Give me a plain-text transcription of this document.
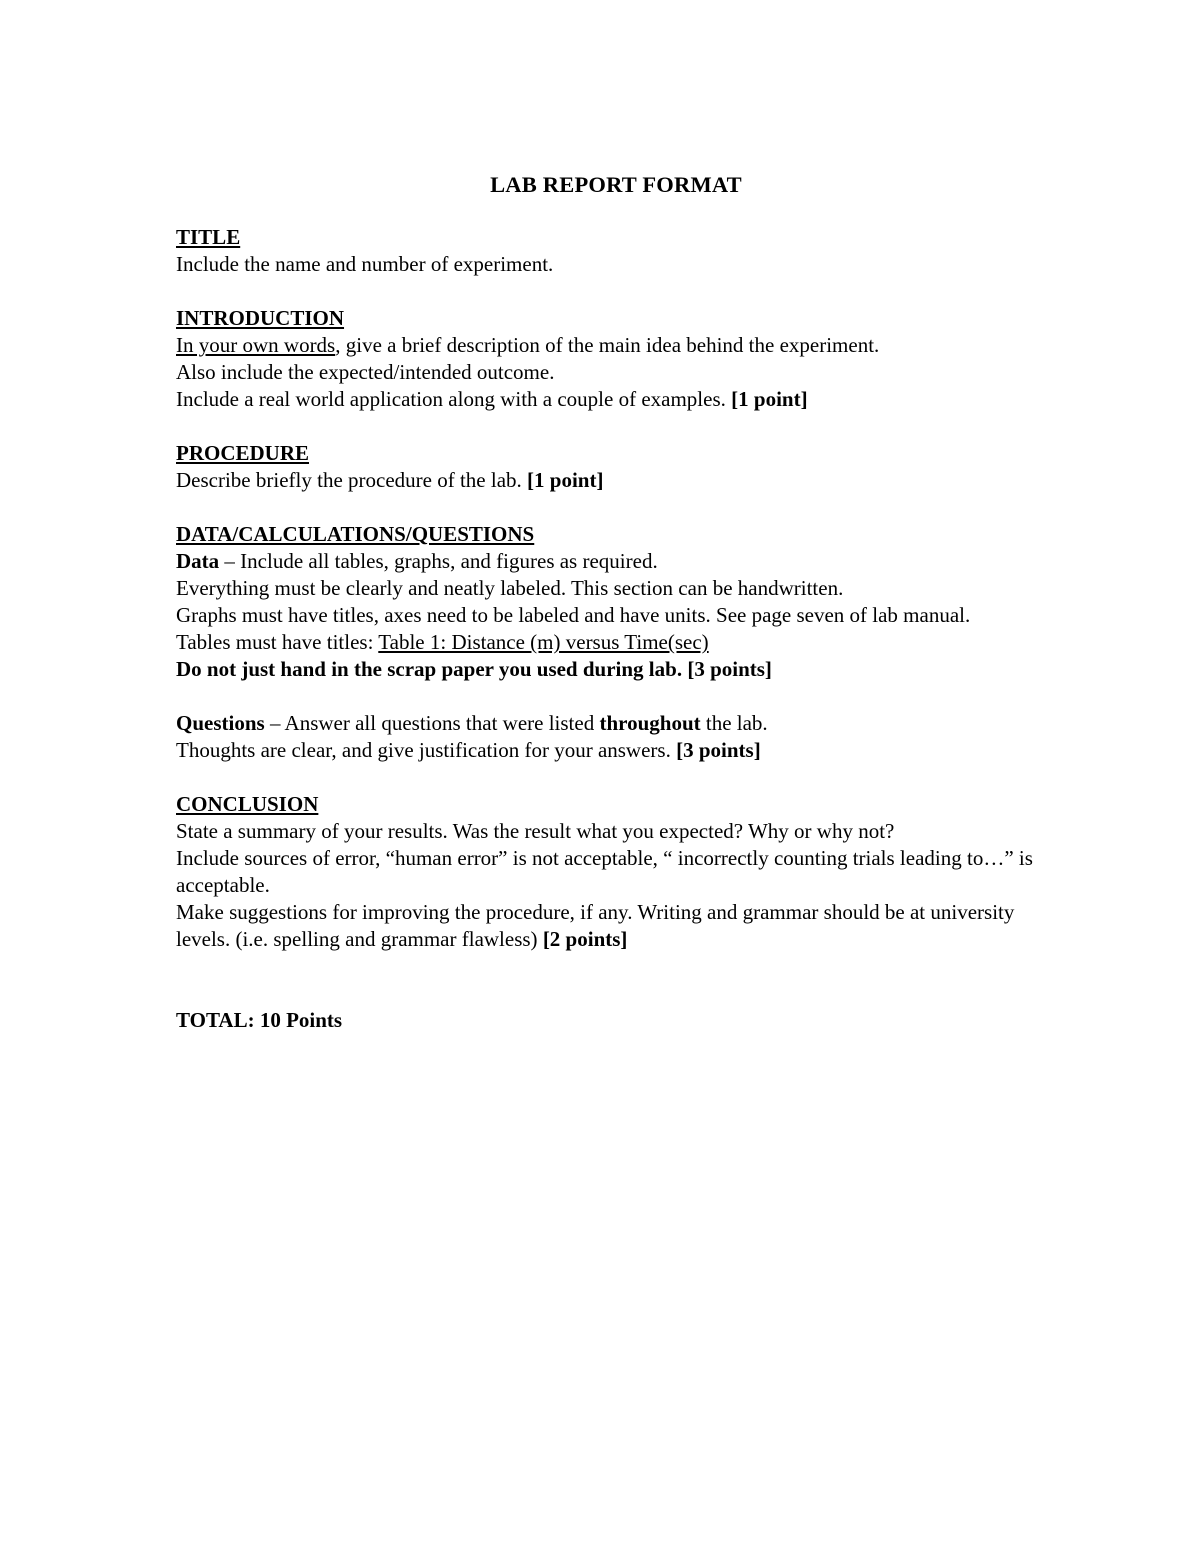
LAB REPORT FORMAT
TITLE
Include the name and number of experiment.
INTRODUCTION
In your own words, give a brief description of the main idea behind the experiment.
Also include the expected/intended outcome.
Include a real world application along with a couple of examples. [1 point]
PROCEDURE
Describe briefly the procedure of the lab. [1 point]
DATA/CALCULATIONS/QUESTIONS
Data – Include all tables, graphs, and figures as required.
Everything must be clearly and neatly labeled. This section can be handwritten.
Graphs must have titles, axes need to be labeled and have units. See page seven of lab manual.
Tables must have titles: Table 1: Distance (m) versus Time(sec)
Do not just hand in the scrap paper you used during lab. [3 points]
Questions – Answer all questions that were listed throughout the lab.
Thoughts are clear, and give justification for your answers. [3 points]
CONCLUSION
State a summary of your results. Was the result what you expected? Why or why not?
Include sources of error, “human error” is not acceptable, “ incorrectly counting trials leading to…” is acceptable.
Make suggestions for improving the procedure, if any. Writing and grammar should be at university levels. (i.e. spelling and grammar flawless) [2 points]
TOTAL: 10 Points
